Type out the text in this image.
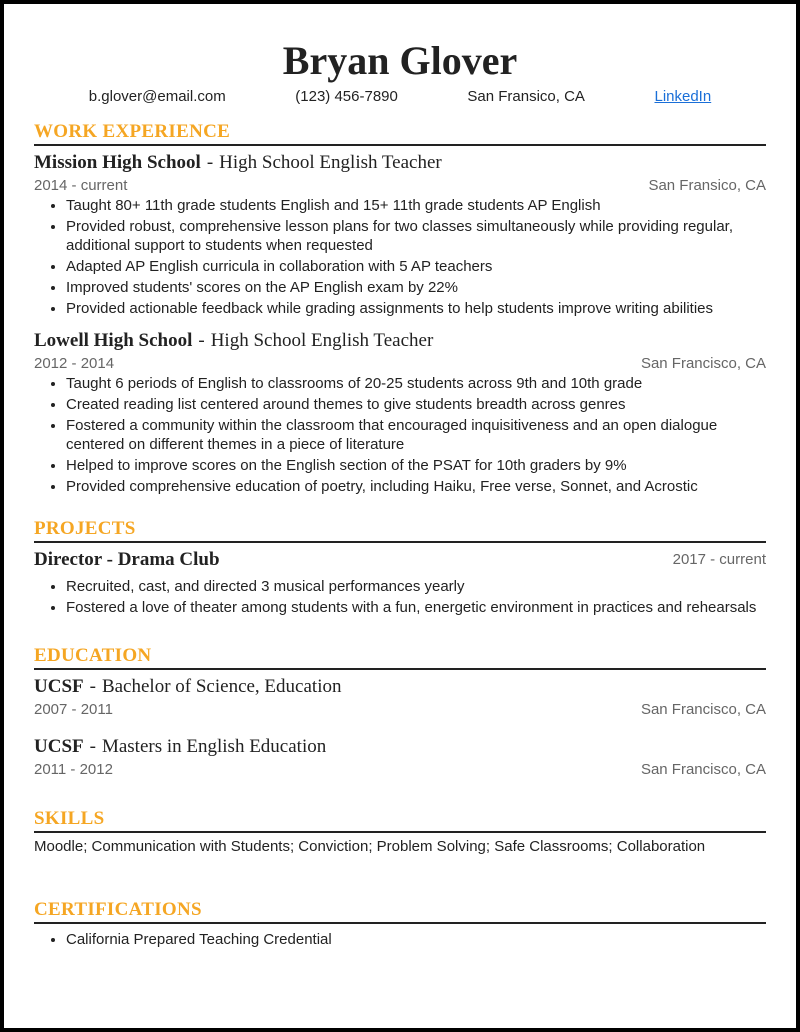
Bryan Glover
b.glover@email.com	(123) 456-7890	San Fransico, CA	LinkedIn
WORK EXPERIENCE
Mission High School - High School English Teacher
2014 - current	San Fransico, CA
• Taught 80+ 11th grade students English and 15+ 11th grade students AP English
• Provided robust, comprehensive lesson plans for two classes simultaneously while providing regular, additional support to students when requested
• Adapted AP English curricula in collaboration with 5 AP teachers
• Improved students' scores on the AP English exam by 22%
• Provided actionable feedback while grading assignments to help students improve writing abilities
Lowell High School - High School English Teacher
2012 - 2014	San Francisco, CA
• Taught 6 periods of English to classrooms of 20-25 students across 9th and 10th grade
• Created reading list centered around themes to give students breadth across genres
• Fostered a community within the classroom that encouraged inquisitiveness and an open dialogue centered on different themes in a piece of literature
• Helped to improve scores on the English section of the PSAT for 10th graders by 9%
• Provided comprehensive education of poetry, including Haiku, Free verse, Sonnet, and Acrostic
PROJECTS
Director - Drama Club	2017 - current
• Recruited, cast, and directed 3 musical performances yearly
• Fostered a love of theater among students with a fun, energetic environment in practices and rehearsals
EDUCATION
UCSF - Bachelor of Science, Education
2007 - 2011	San Francisco, CA
UCSF - Masters in English Education
2011 - 2012	San Francisco, CA
SKILLS
Moodle; Communication with Students; Conviction; Problem Solving; Safe Classrooms; Collaboration
CERTIFICATIONS
• California Prepared Teaching Credential
